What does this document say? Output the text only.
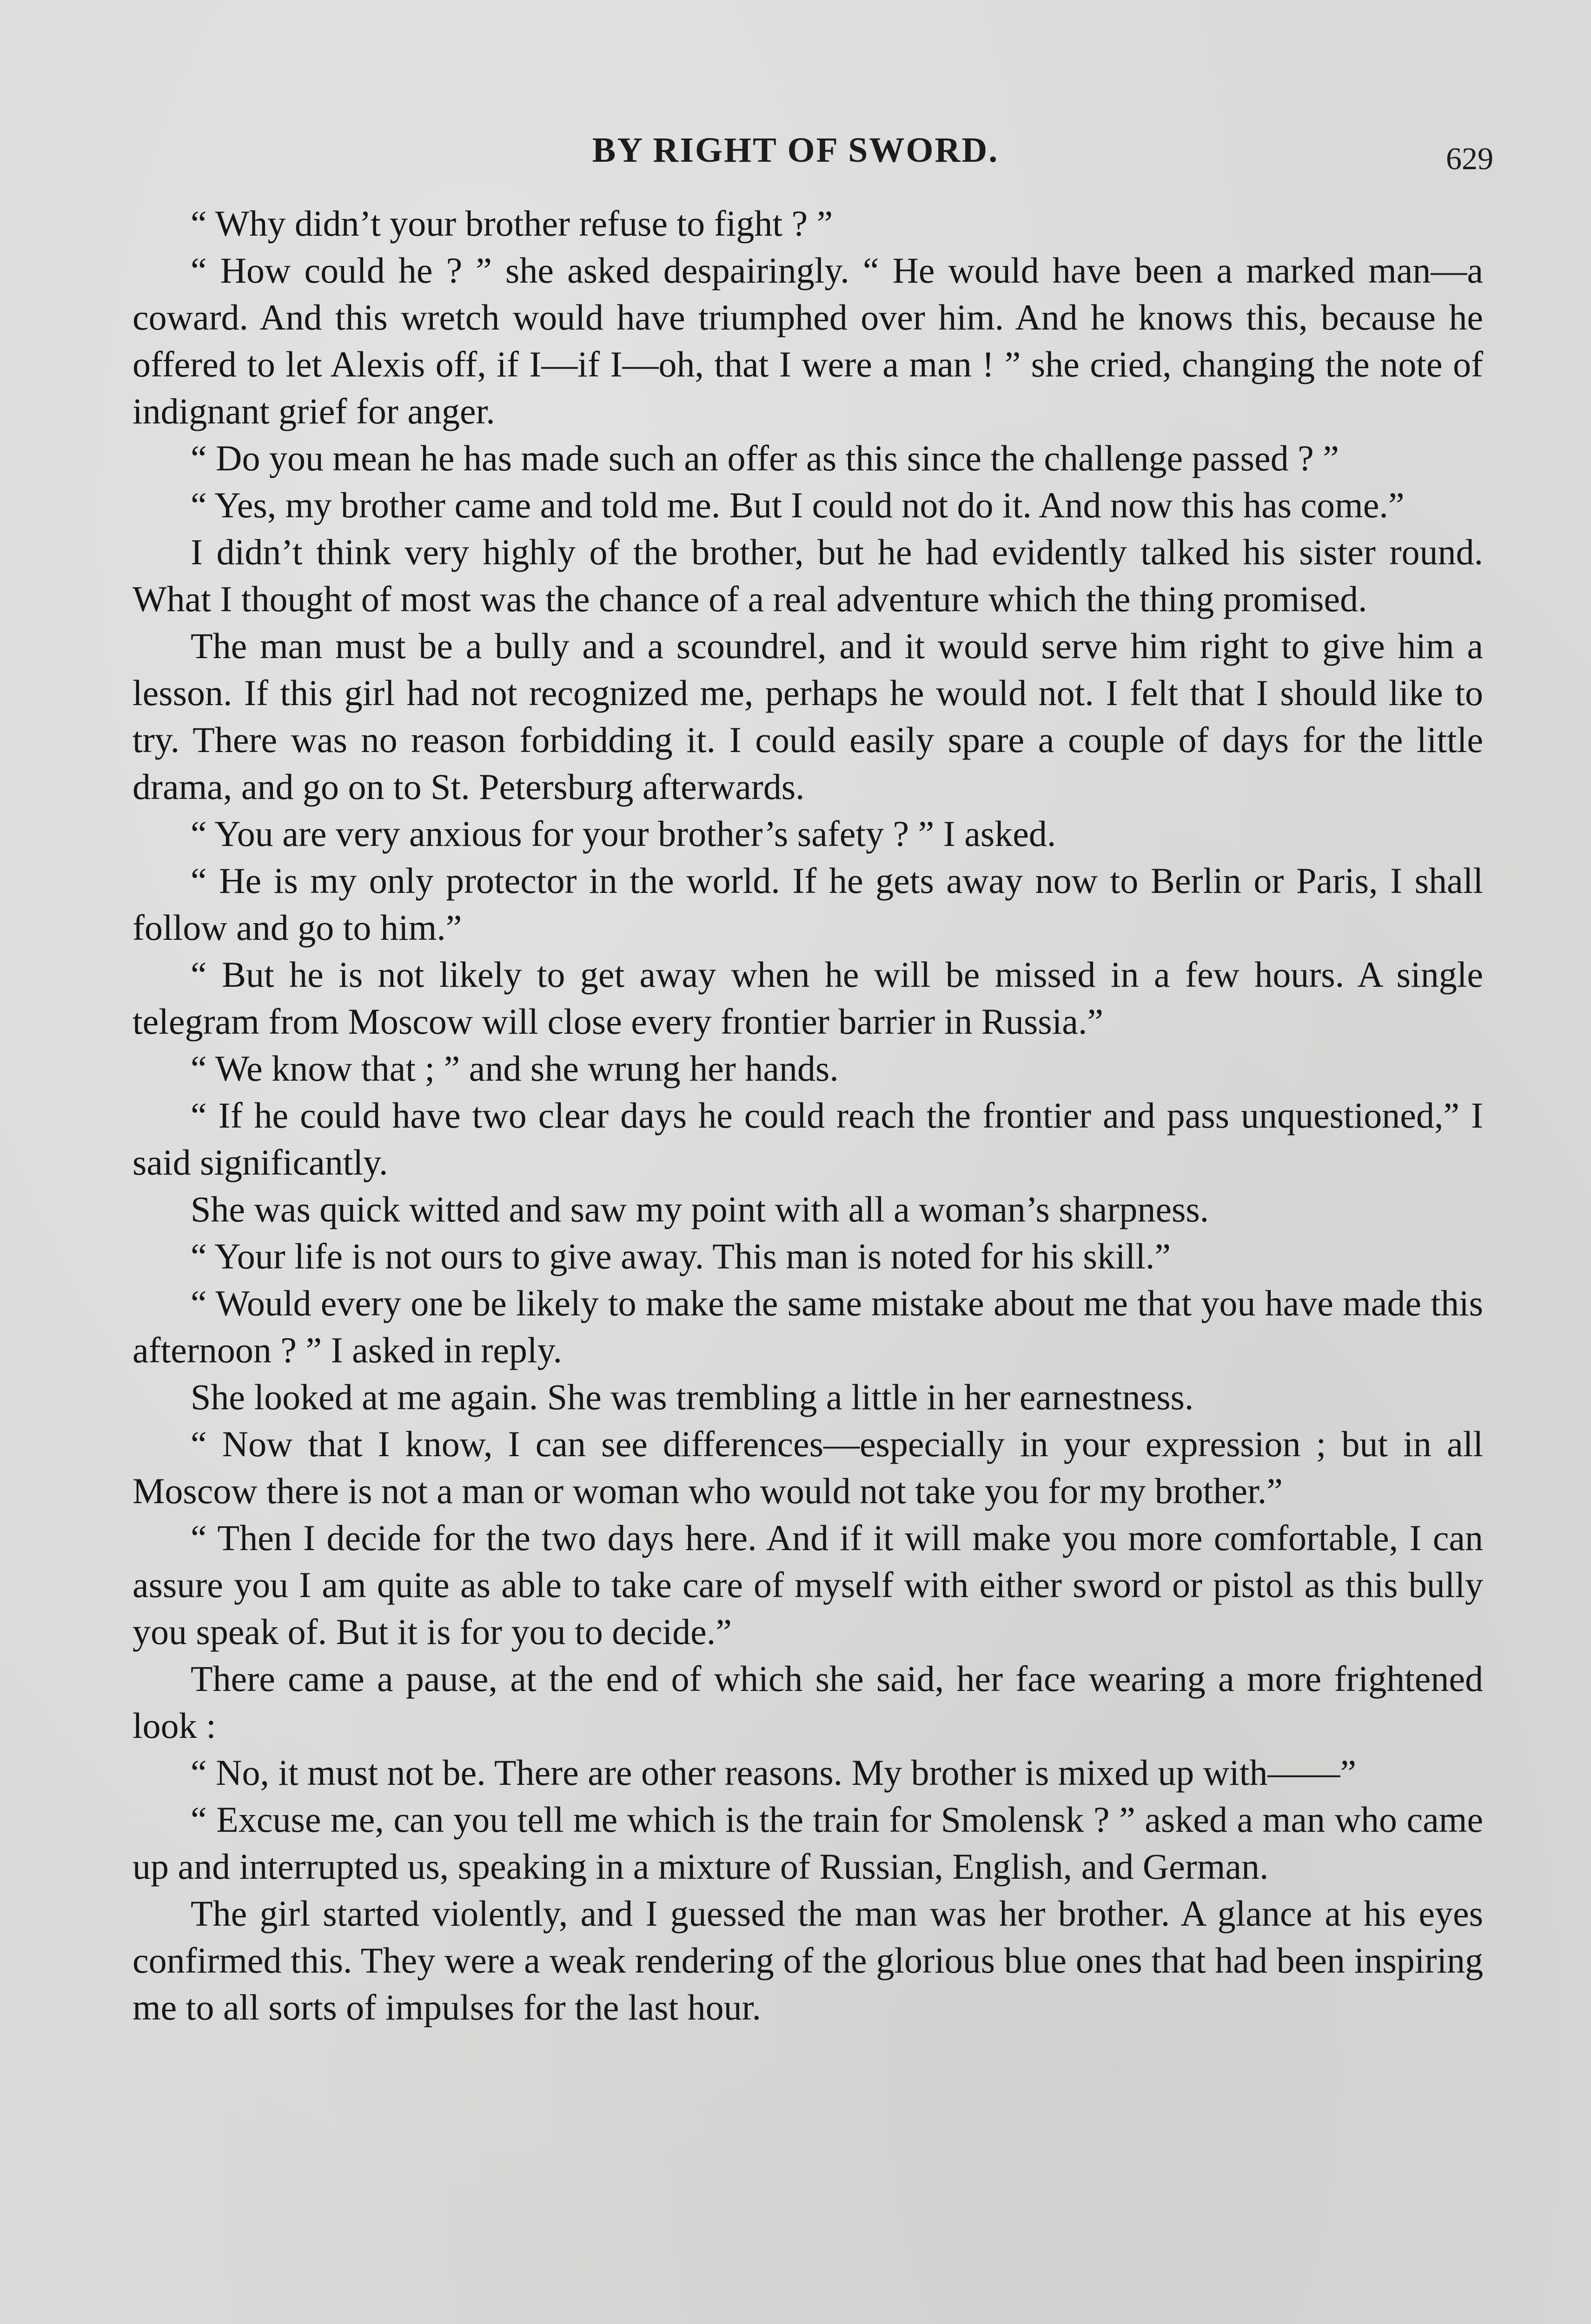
BY RIGHT OF SWORD.	629

“ Why didn’t your brother refuse to fight ? ”

“ How could he ? ” she asked despairingly. “ He would have been a marked man—a coward. And this wretch would have triumphed over him. And he knows this, because he offered to let Alexis off, if I—if I—oh, that I were a man ! ” she cried, changing the note of indignant grief for anger.

“ Do you mean he has made such an offer as this since the challenge passed ? ”

“ Yes, my brother came and told me. But I could not do it. And now this has come.”

I didn’t think very highly of the brother, but he had evidently talked his sister round. What I thought of most was the chance of a real adventure which the thing promised.

The man must be a bully and a scoundrel, and it would serve him right to give him a lesson. If this girl had not recognized me, perhaps he would not. I felt that I should like to try. There was no reason forbidding it. I could easily spare a couple of days for the little drama, and go on to St. Petersburg afterwards.

“ You are very anxious for your brother’s safety ? ” I asked.

“ He is my only protector in the world. If he gets away now to Berlin or Paris, I shall follow and go to him.”

“ But he is not likely to get away when he will be missed in a few hours. A single telegram from Moscow will close every frontier barrier in Russia.”

“ We know that ; ” and she wrung her hands.

“ If he could have two clear days he could reach the frontier and pass unquestioned,” I said significantly.

She was quick witted and saw my point with all a woman’s sharpness.

“ Your life is not ours to give away. This man is noted for his skill.”

“ Would every one be likely to make the same mistake about me that you have made this afternoon ? ” I asked in reply.

She looked at me again. She was trembling a little in her earnestness.

“ Now that I know, I can see differences—especially in your expression ; but in all Moscow there is not a man or woman who would not take you for my brother.”

“ Then I decide for the two days here. And if it will make you more comfortable, I can assure you I am quite as able to take care of myself with either sword or pistol as this bully you speak of. But it is for you to decide.”

There came a pause, at the end of which she said, her face wearing a more frightened look :

“ No, it must not be. There are other reasons. My brother is mixed up with——”

“ Excuse me, can you tell me which is the train for Smolensk ? ” asked a man who came up and interrupted us, speaking in a mixture of Russian, English, and German.

The girl started violently, and I guessed the man was her brother. A glance at his eyes confirmed this. They were a weak rendering of the glorious blue ones that had been inspiring me to all sorts of impulses for the last hour.
